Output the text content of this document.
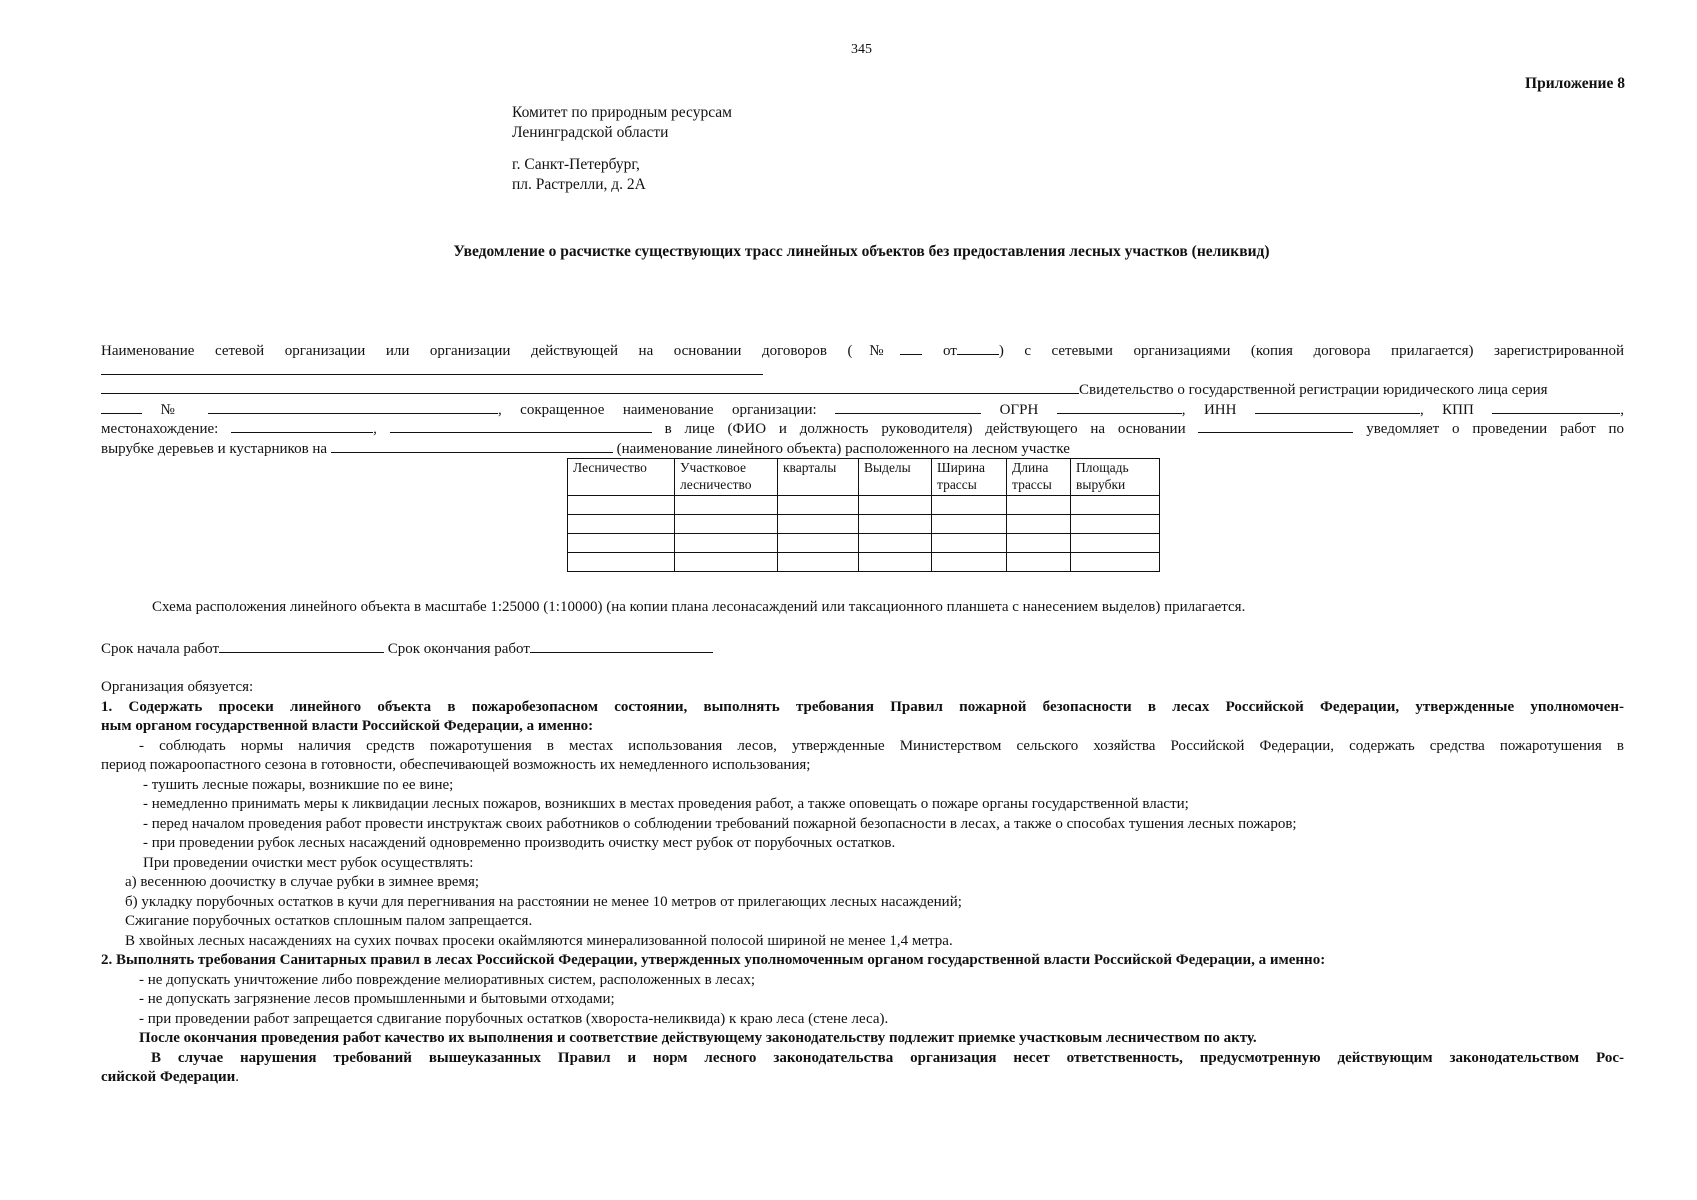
345
Приложение 8
Комитет по природным ресурсам
Ленинградской области
г. Санкт-Петербург,
пл. Растрелли, д. 2А
Уведомление о расчистке существующих трасс линейных объектов без предоставления лесных участков (неликвид)
Наименование сетевой организации или организации действующей на основании договоров (№	от	) с сетевыми организациями (копия договора прилагается) зарегистрированной
Свидетельство о государственной регистрации юридического лица серия
№	, сокращенное наименование организации:	ОГРН	, ИНН	, КПП	,
местонахождение:	,	в лице (ФИО и должность руководителя) действующего на основании	уведомляет о проведении работ по
вырубке деревьев и кустарников на	(наименование линейного объекта) расположенного на лесном участке
Лесничество	Участковое лесничество	кварталы	Выделы	Ширина трассы	Длина трассы	Площадь вырубки

Схема расположения линейного объекта в масштабе 1:25000 (1:10000) (на копии плана лесонасаждений или таксационного планшета с нанесением выделов) прилагается.
Срок начала работ	Срок окончания работ

Организация обязуется:

1. Содержать просеки линейного объекта в пожаробезопасном состоянии, выполнять требования Правил пожарной безопасности в лесах Российской Федерации, утвержденные уполномочен-

ным органом государственной власти Российской Федерации, а именно:

- соблюдать нормы наличия средств пожаротушения в местах использования лесов, утвержденные Министерством сельского хозяйства Российской Федерации, содержать средства пожаротушения в

период пожароопастного сезона в готовности, обеспечивающей возможность их немедленного использования;

- тушить лесные пожары, возникшие по ее вине;

- немедленно принимать меры к ликвидации лесных пожаров, возникших в местах проведения работ, а также оповещать о пожаре органы государственной власти;

- перед началом проведения работ провести инструктаж своих работников о соблюдении требований пожарной безопасности в лесах, а также о способах тушения лесных пожаров;

- при проведении рубок лесных насаждений одновременно производить очистку мест рубок от порубочных остатков.

При проведении очистки мест рубок осуществлять:

а) весеннюю доочистку в случае рубки в зимнее время;

б) укладку порубочных остатков в кучи для перегнивания на расстоянии не менее 10 метров от прилегающих лесных насаждений;

Сжигание порубочных остатков сплошным палом запрещается.

В хвойных лесных насаждениях на сухих почвах просеки окаймляются минерализованной полосой шириной не менее 1,4 метра.

2. Выполнять требования Санитарных правил в лесах Российской Федерации, утвержденных уполномоченным органом государственной власти Российской Федерации, а именно:

- не допускать уничтожение либо повреждение мелиоративных систем, расположенных в лесах;

- не допускать загрязнение лесов промышленными и бытовыми отходами;

- при проведении работ запрещается сдвигание порубочных остатков (хвороста-неликвида) к краю леса (стене леса).

После окончания проведения работ качество их выполнения и соответствие действующему законодательству подлежит приемке участковым лесничеством по акту.

В случае нарушения требований вышеуказанных Правил и норм лесного законодательства организация несет ответственность, предусмотренную действующим законодательством Рос-

сийской Федерации.
